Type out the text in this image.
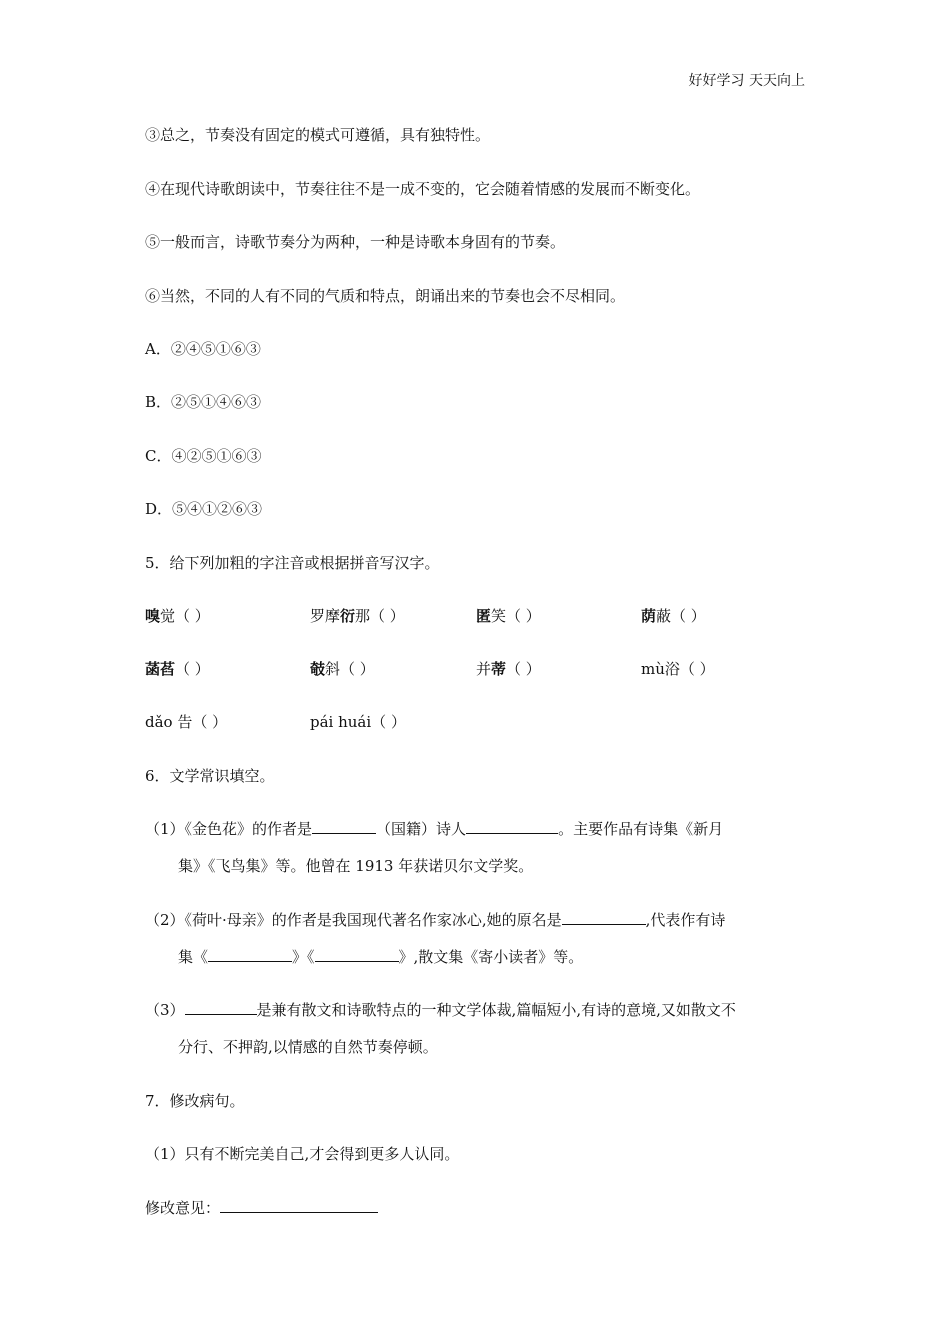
好好学习 天天向上
③总之，节奏没有固定的模式可遵循，具有独特性。
④在现代诗歌朗读中，节奏往往不是一成不变的，它会随着情感的发展而不断变化。
⑤一般而言，诗歌节奏分为两种，一种是诗歌本身固有的节奏。
⑥当然，不同的人有不同的气质和特点，朗诵出来的节奏也会不尽相同。
A．②④⑤①⑥③
B．②⑤①④⑥③
C．④②⑤①⑥③
D．⑤④①②⑥③
5．给下列加粗的字注音或根据拼音写汉字。
嗅觉（ ）	罗摩衍那（ ）	匿笑（ ）	荫蔽（ ）
菡萏（ ）	攲斜（ ）	并蒂（ ）	mù浴（ ）
dǎo 告（ ）	pái huái（ ）
6．文学常识填空。
（1）《金色花》的作者是	（国籍）诗人	。主要作品有诗集《新月
集》《飞鸟集》等。他曾在 1913 年获诺贝尔文学奖。
（2）《荷叶·母亲》的作者是我国现代著名作家冰心,她的原名是	,代表作有诗
集《	》《	》,散文集《寄小读者》等。
（3）	是兼有散文和诗歌特点的一种文学体裁,篇幅短小,有诗的意境,又如散文不
分行、不押韵,以情感的自然节奏停顿。
7．修改病句。
（1）只有不断完美自己,才会得到更多人认同。
修改意见：
